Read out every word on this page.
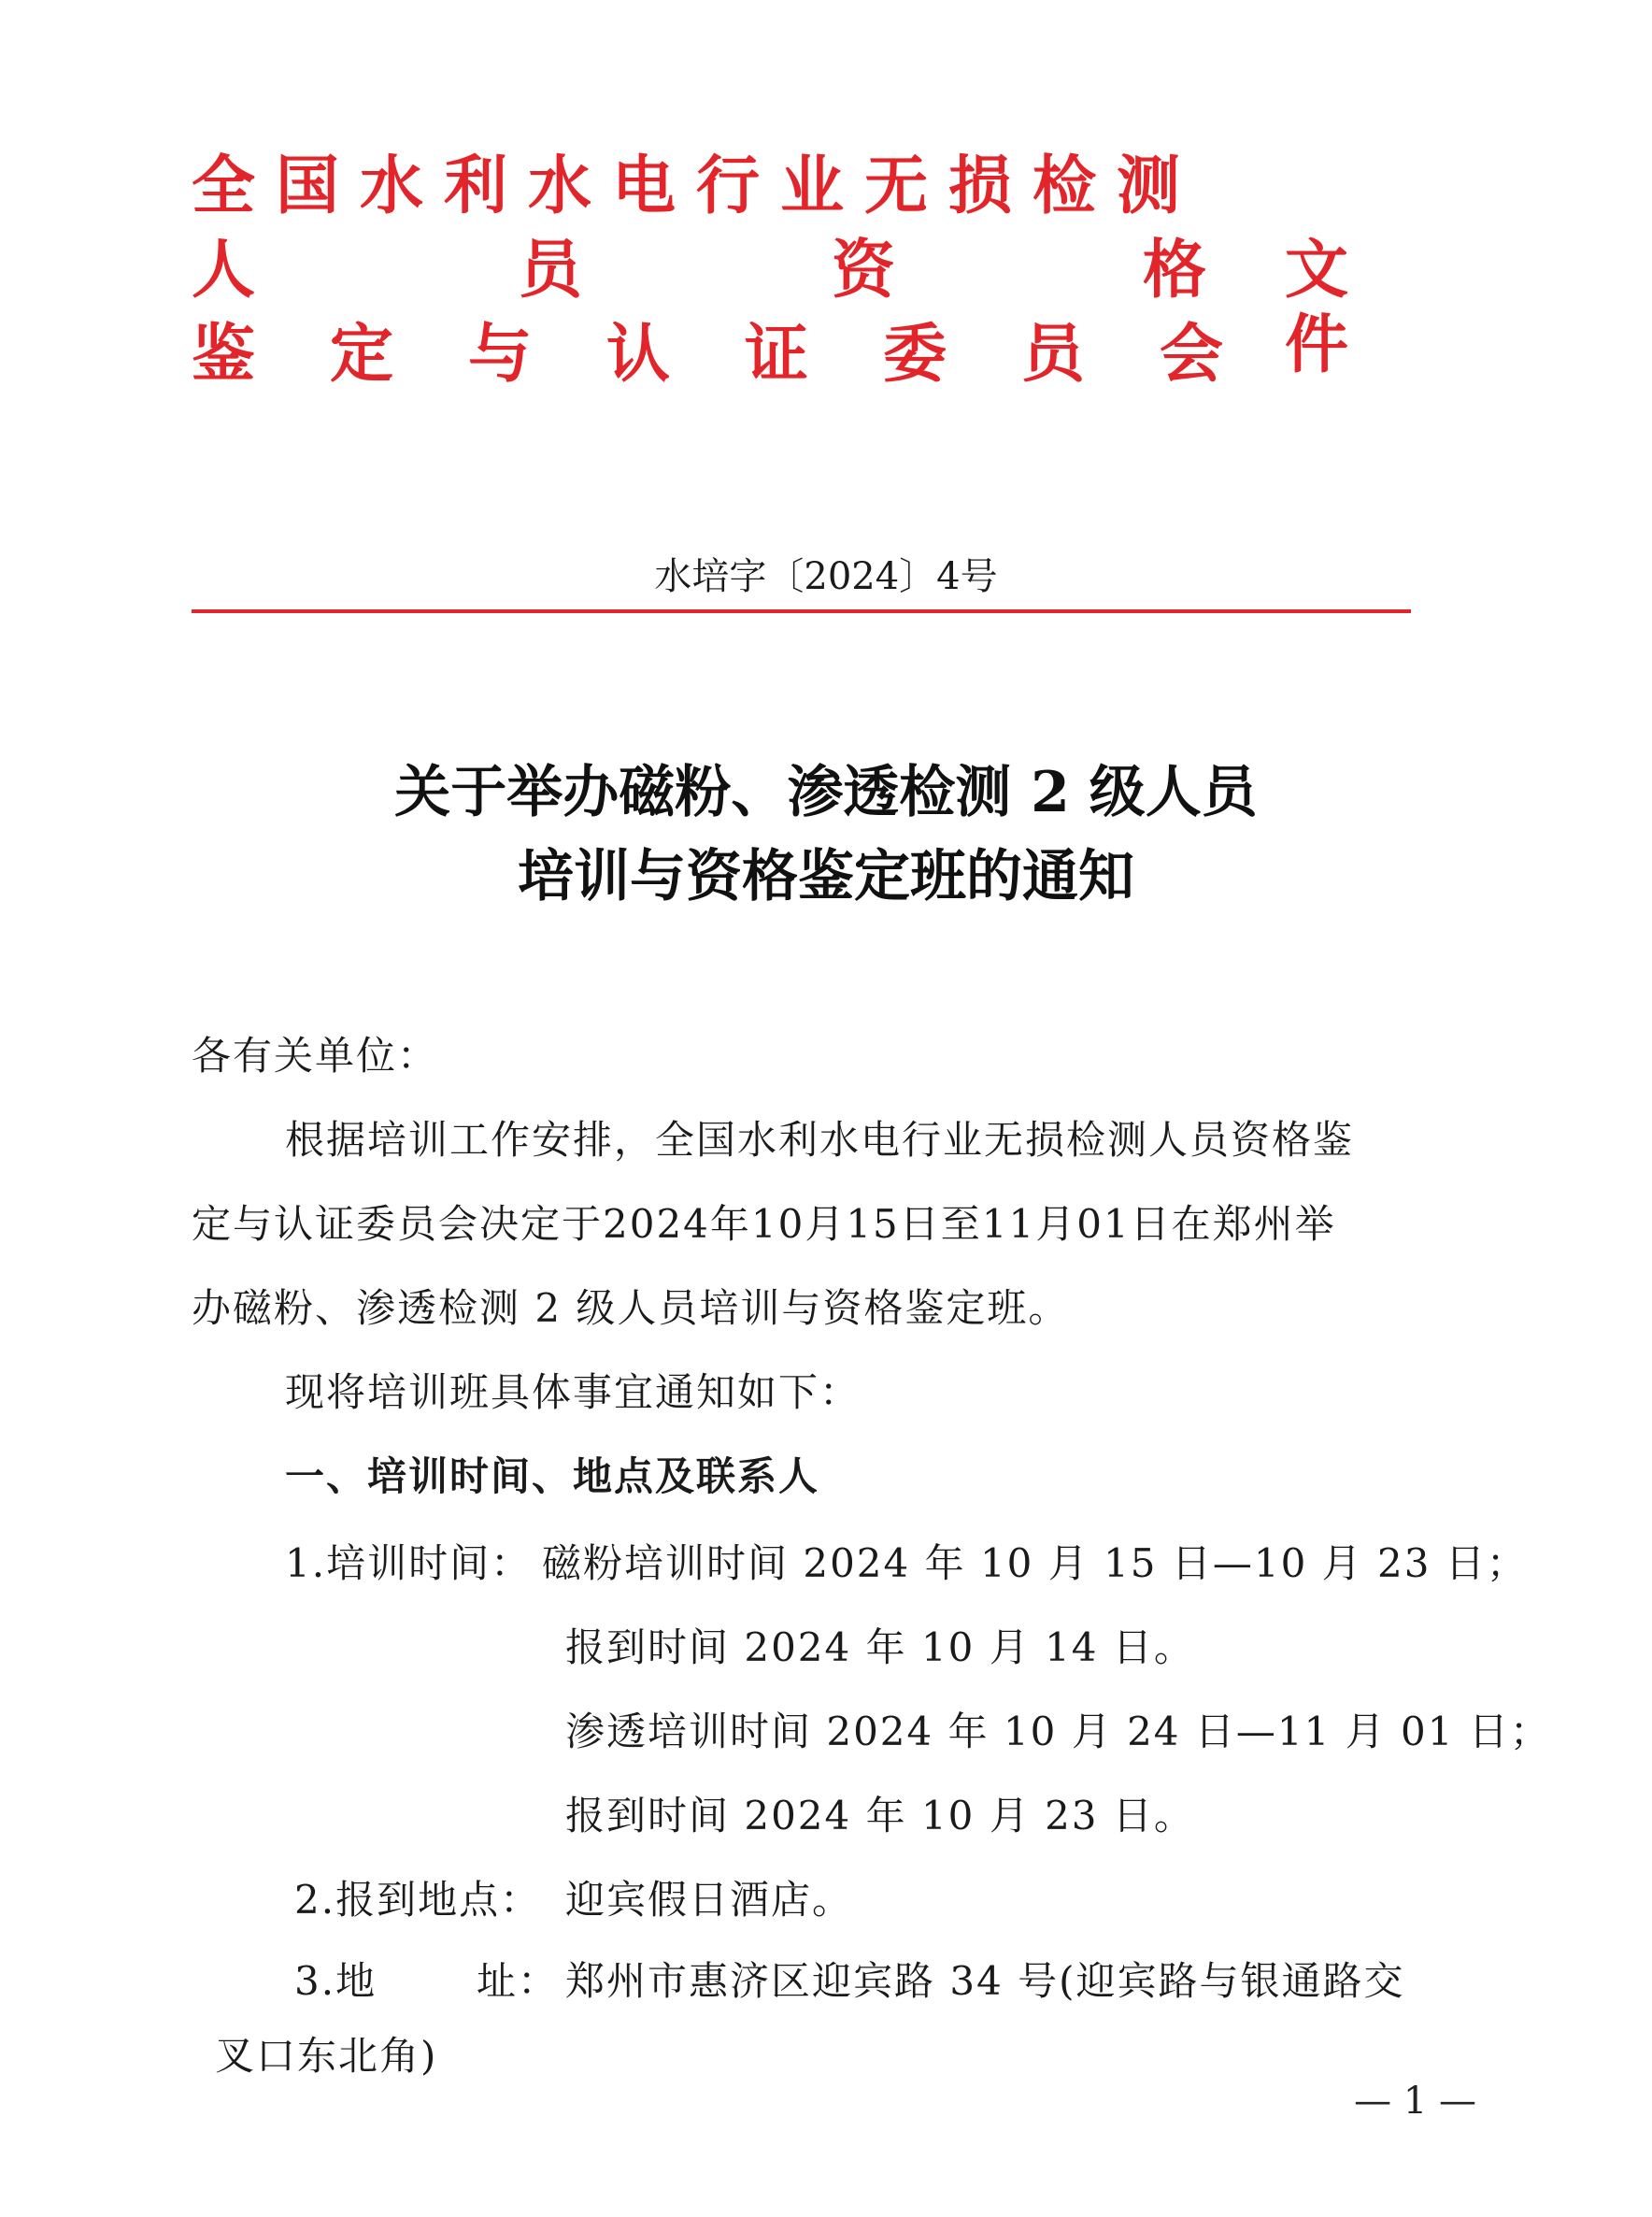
全国水利水电行业无损检测
人	员	资	格 文件
鉴 定 与 认 证 委 员 会
水培字〔2024〕4号
关于举办磁粉、渗透检测 2 级人员
培训与资格鉴定班的通知
各有关单位：
根据培训工作安排，全国水利水电行业无损检测人员资格鉴
定与认证委员会决定于2024年10月15日至11月01日在郑州举
办磁粉、渗透检测 2 级人员培训与资格鉴定班。
现将培训班具体事宜通知如下：
一、培训时间、地点及联系人
1.培训时间： 磁粉培训时间 2024 年 10 月 15 日—10 月 23 日；
报到时间 2024 年 10 月 14 日。
渗透培训时间 2024 年 10 月 24 日—11 月 01 日；
报到时间 2024 年 10 月 23 日。
2.报到地点： 迎宾假日酒店。
3.地	址： 郑州市惠济区迎宾路 34 号(迎宾路与银通路交
叉口东北角)
— 1 —
